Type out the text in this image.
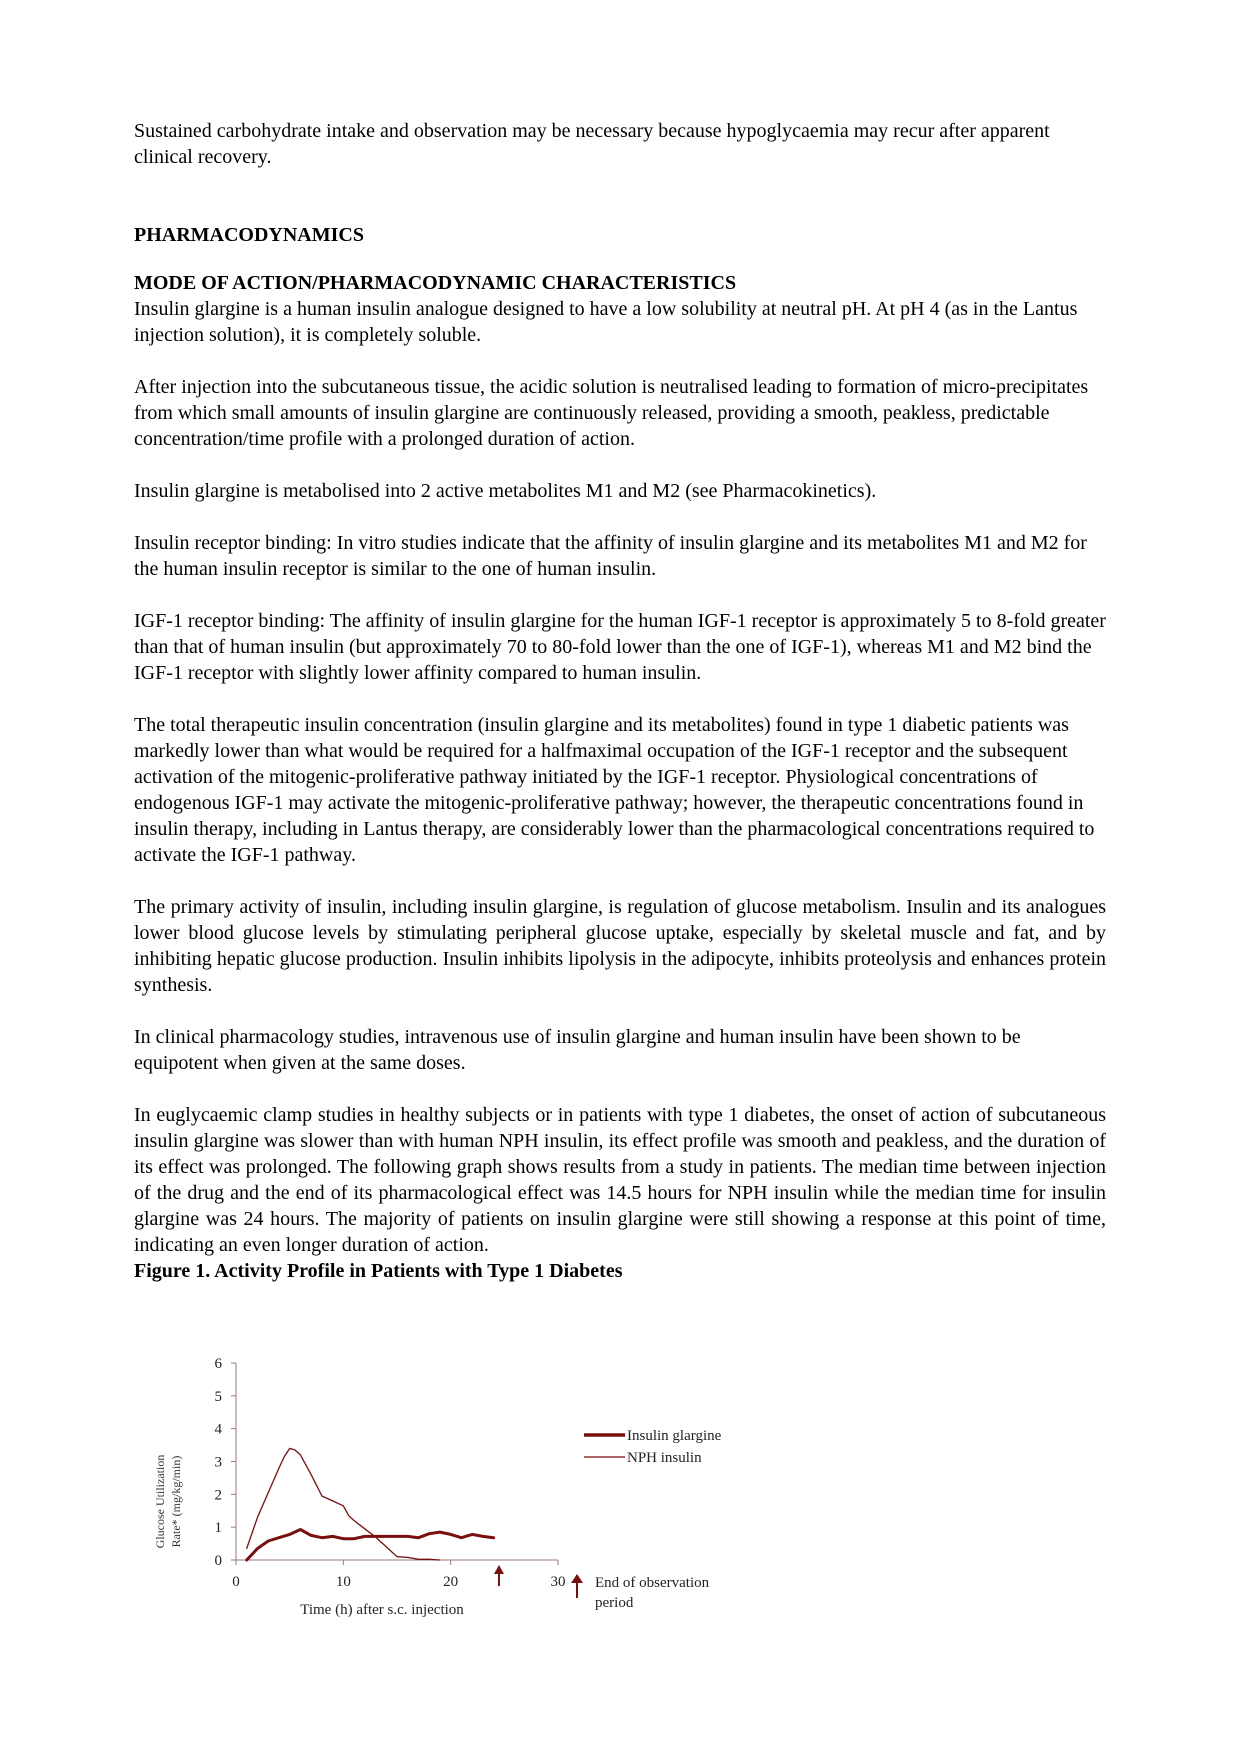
Sustained carbohydrate intake and observation may be necessary because hypoglycaemia may recur after apparent clinical recovery.

PHARMACODYNAMICS

MODE OF ACTION/PHARMACODYNAMIC CHARACTERISTICS

Insulin glargine is a human insulin analogue designed to have a low solubility at neutral pH. At pH 4 (as in the Lantus injection solution), it is completely soluble.

After injection into the subcutaneous tissue, the acidic solution is neutralised leading to formation of micro-precipitates from which small amounts of insulin glargine are continuously released, providing a smooth, peakless, predictable concentration/time profile with a prolonged duration of action.

Insulin glargine is metabolised into 2 active metabolites M1 and M2 (see Pharmacokinetics).

Insulin receptor binding: In vitro studies indicate that the affinity of insulin glargine and its metabolites M1 and M2 for the human insulin receptor is similar to the one of human insulin.

IGF-1 receptor binding: The affinity of insulin glargine for the human IGF-1 receptor is approximately 5 to 8-fold greater than that of human insulin (but approximately 70 to 80-fold lower than the one of IGF-1), whereas M1 and M2 bind the IGF-1 receptor with slightly lower affinity compared to human insulin.

The total therapeutic insulin concentration (insulin glargine and its metabolites) found in type 1 diabetic patients was markedly lower than what would be required for a halfmaximal occupation of the IGF-1 receptor and the subsequent activation of the mitogenic-proliferative pathway initiated by the IGF-1 receptor. Physiological concentrations of endogenous IGF-1 may activate the mitogenic-proliferative pathway; however, the therapeutic concentrations found in insulin therapy, including in Lantus therapy, are considerably lower than the pharmacological concentrations required to activate the IGF-1 pathway.

The primary activity of insulin, including insulin glargine, is regulation of glucose metabolism. Insulin and its analogues lower blood glucose levels by stimulating peripheral glucose uptake, especially by skeletal muscle and fat, and by inhibiting hepatic glucose production. Insulin inhibits lipolysis in the adipocyte, inhibits proteolysis and enhances protein synthesis.

In clinical pharmacology studies, intravenous use of insulin glargine and human insulin have been shown to be equipotent when given at the same doses.

In euglycaemic clamp studies in healthy subjects or in patients with type 1 diabetes, the onset of action of subcutaneous insulin glargine was slower than with human NPH insulin, its effect profile was smooth and peakless, and the duration of its effect was prolonged. The following graph shows results from a study in patients. The median time between injection of the drug and the end of its pharmacological effect was 14.5 hours for NPH insulin while the median time for insulin glargine was 24 hours. The majority of patients on insulin glargine were still showing a response at this point of time, indicating an even longer duration of action.

Figure 1. Activity Profile in Patients with Type 1 Diabetes

0
1
2
3
4
5
6
0	10	20	30
Time (h) after s.c. injection
Glucose Utilization Rate* (mg/kg/min)
Insulin glargine
NPH insulin
End of observation
period
